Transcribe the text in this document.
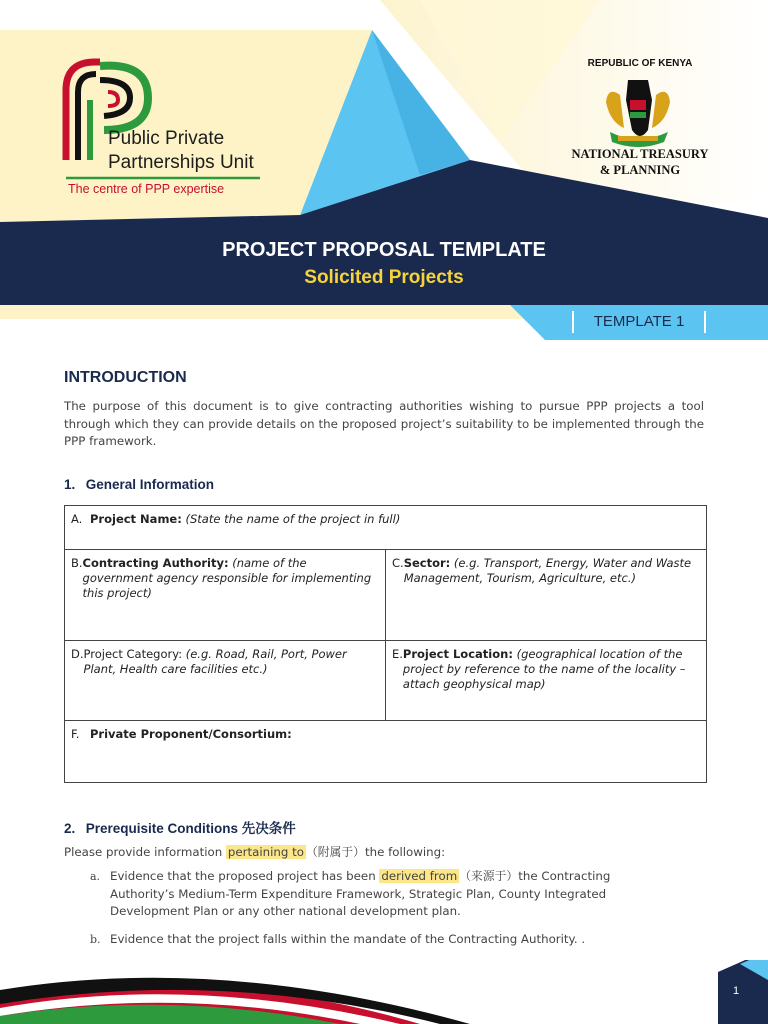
Public Private
Partnerships Unit
The centre of PPP expertise
REPUBLIC OF KENYA
NATIONAL TREASURY
& PLANNING
PROJECT PROPOSAL TEMPLATE
Solicited Projects
TEMPLATE 1
INTRODUCTION
The purpose of this document is to give contracting authorities wishing to pursue PPP projects a tool through which they can provide details on the proposed project’s suitability to be implemented through the PPP framework.
1. General Information
A. Project Name: (State the name of the project in full)	

B. Contracting Authority: (name of the government agency responsible for implementing this project)	C. Sector: (e.g. Transport, Energy, Water and Waste Management, Tourism, Agriculture, etc.)

D. Project Category: (e.g. Road, Rail, Port, Power Plant, Health care facilities etc.)	E. Project Location: (geographical location of the project by reference to the name of the locality – attach geophysical map)

F. Private Proponent/Consortium:	
2. Prerequisite Conditions 先决条件
Please provide information pertaining to （附属于）the following:
a. Evidence that the proposed project has been derived from （来源于）the Contracting Authority’s Medium-Term Expenditure Framework, Strategic Plan, County Integrated Development Plan or any other national development plan.
b. Evidence that the project falls within the mandate of the Contracting Authority. .
1
